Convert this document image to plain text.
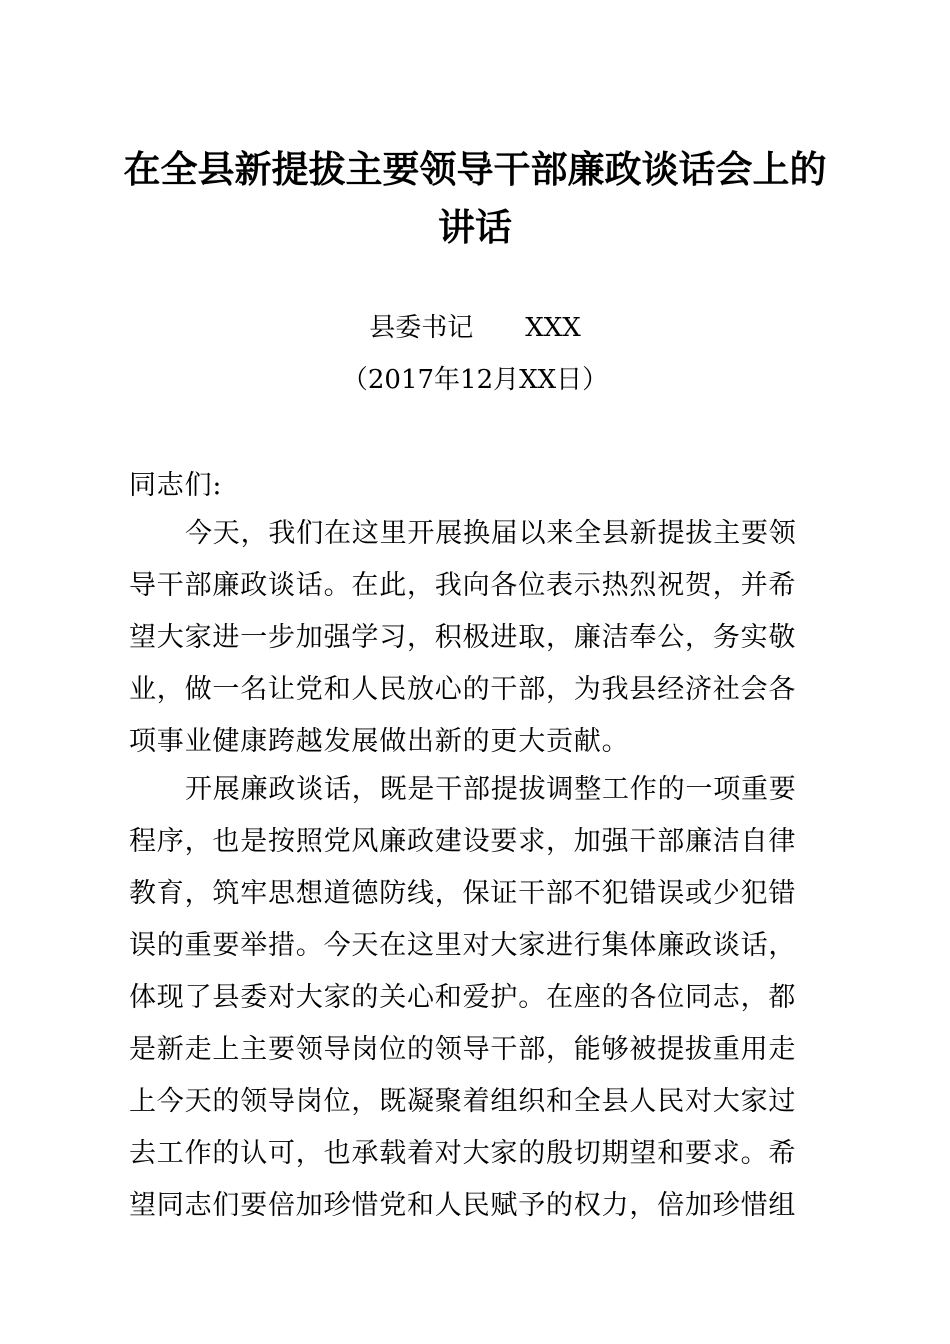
在全县新提拔主要领导干部廉政谈话会上的
讲话
县委书记　　XXX
（2017年12月XX日）
同志们:
今天，我们在这里开展换届以来全县新提拔主要领
导干部廉政谈话。在此，我向各位表示热烈祝贺，并希
望大家进一步加强学习，积极进取，廉洁奉公，务实敬
业，做一名让党和人民放心的干部，为我县经济社会各
项事业健康跨越发展做出新的更大贡献。
开展廉政谈话，既是干部提拔调整工作的一项重要
程序，也是按照党风廉政建设要求，加强干部廉洁自律
教育，筑牢思想道德防线，保证干部不犯错误或少犯错
误的重要举措。今天在这里对大家进行集体廉政谈话，
体现了县委对大家的关心和爱护。在座的各位同志，都
是新走上主要领导岗位的领导干部，能够被提拔重用走
上今天的领导岗位，既凝聚着组织和全县人民对大家过
去工作的认可，也承载着对大家的殷切期望和要求。希
望同志们要倍加珍惜党和人民赋予的权力，倍加珍惜组
